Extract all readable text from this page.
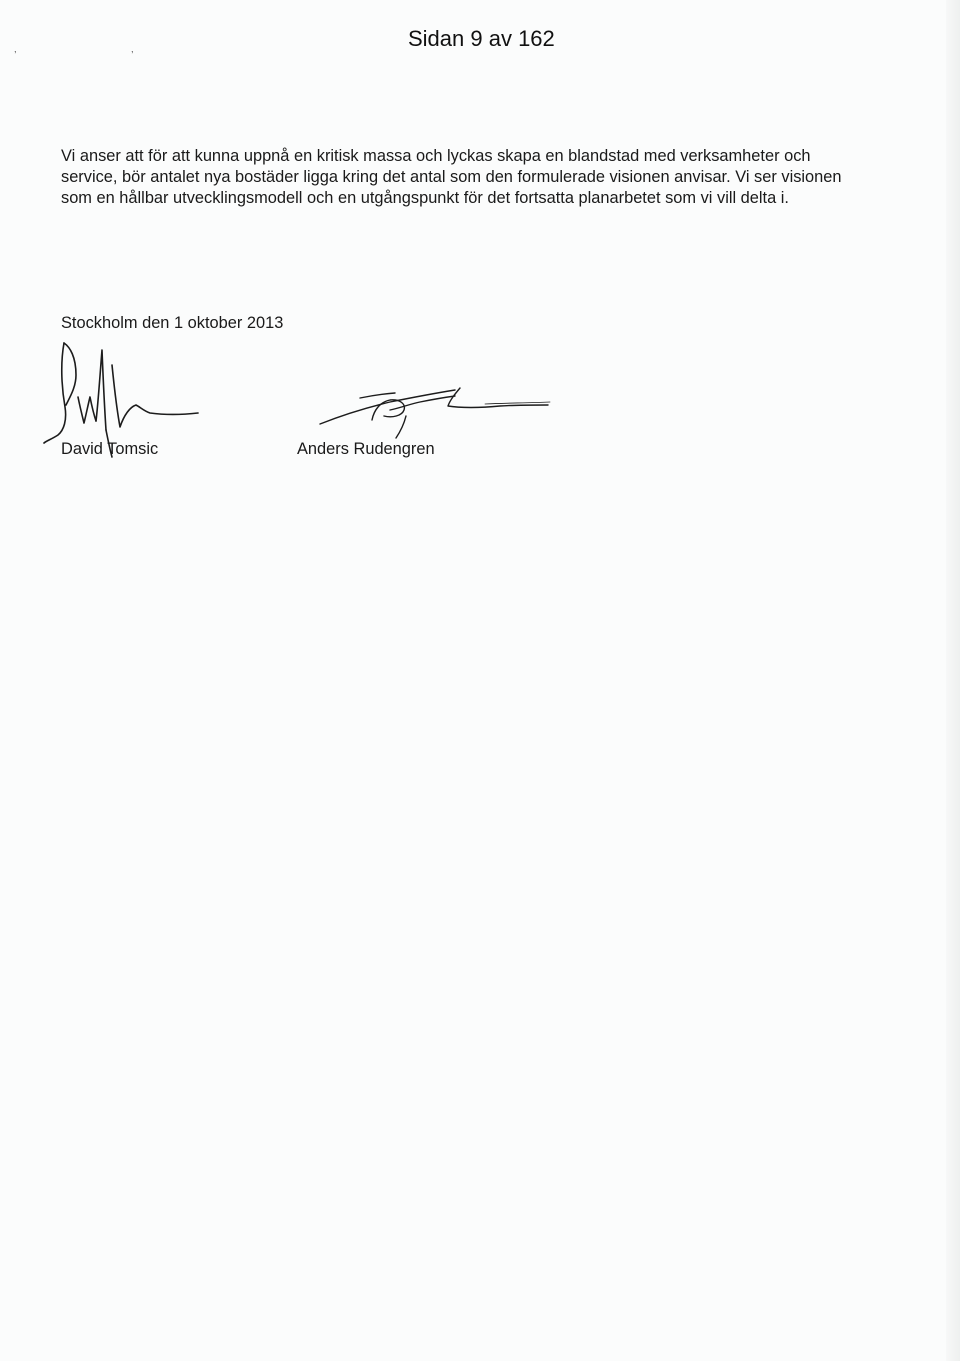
, ,	Sidan 9 av 162

Vi anser att för att kunna uppnå en kritisk massa och lyckas skapa en blandstad med verksamheter och service, bör antalet nya bostäder ligga kring det antal som den formulerade visionen anvisar. Vi ser visionen som en hållbar utvecklingsmodell och en utgångspunkt för det fortsatta planarbetet som vi vill delta i.

Stockholm den 1 oktober 2013
David Tomsic	Anders Rudengren
